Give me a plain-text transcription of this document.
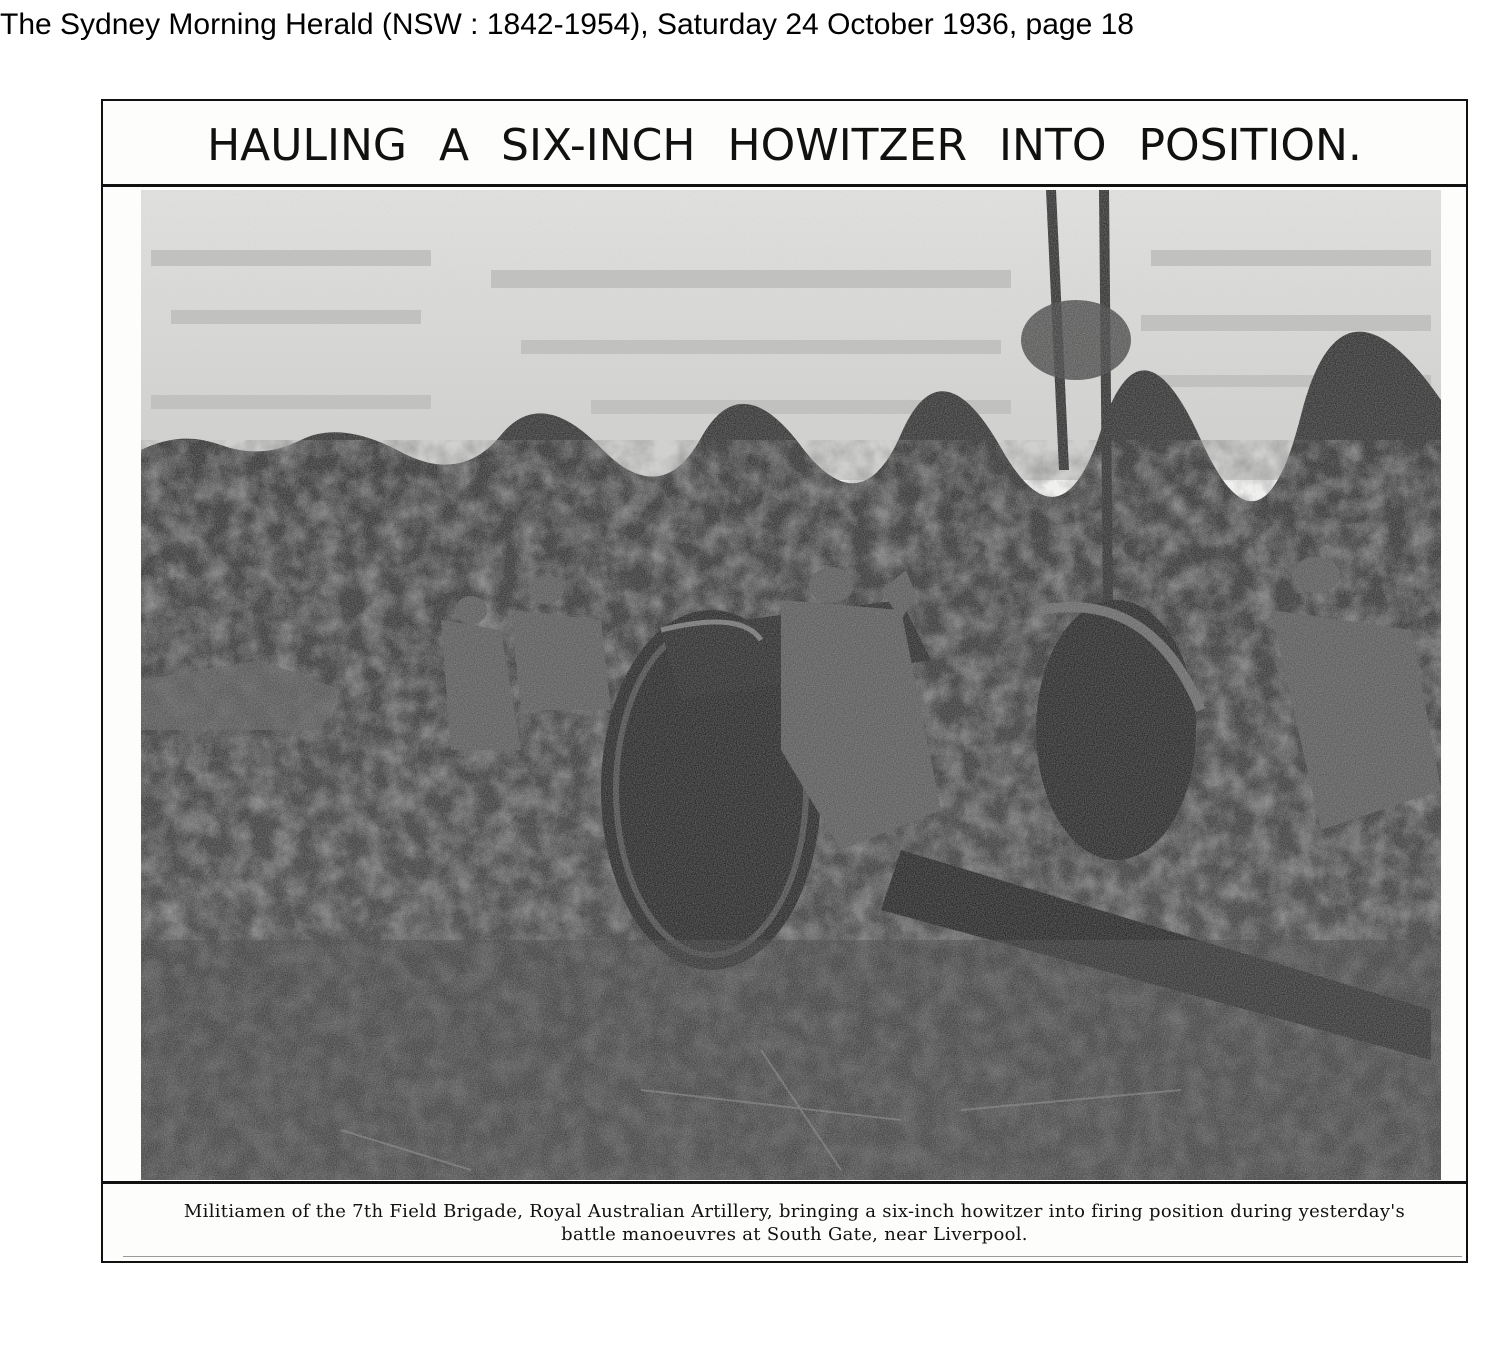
The Sydney Morning Herald (NSW : 1842-1954), Saturday 24 October 1936, page 18
HAULING A SIX-INCH HOWITZER INTO POSITION.
Militiamen of the 7th Field Brigade, Royal Australian Artillery, bringing a six-inch howitzer into firing position during yesterday's battle manoeuvres at South Gate, near Liverpool.
